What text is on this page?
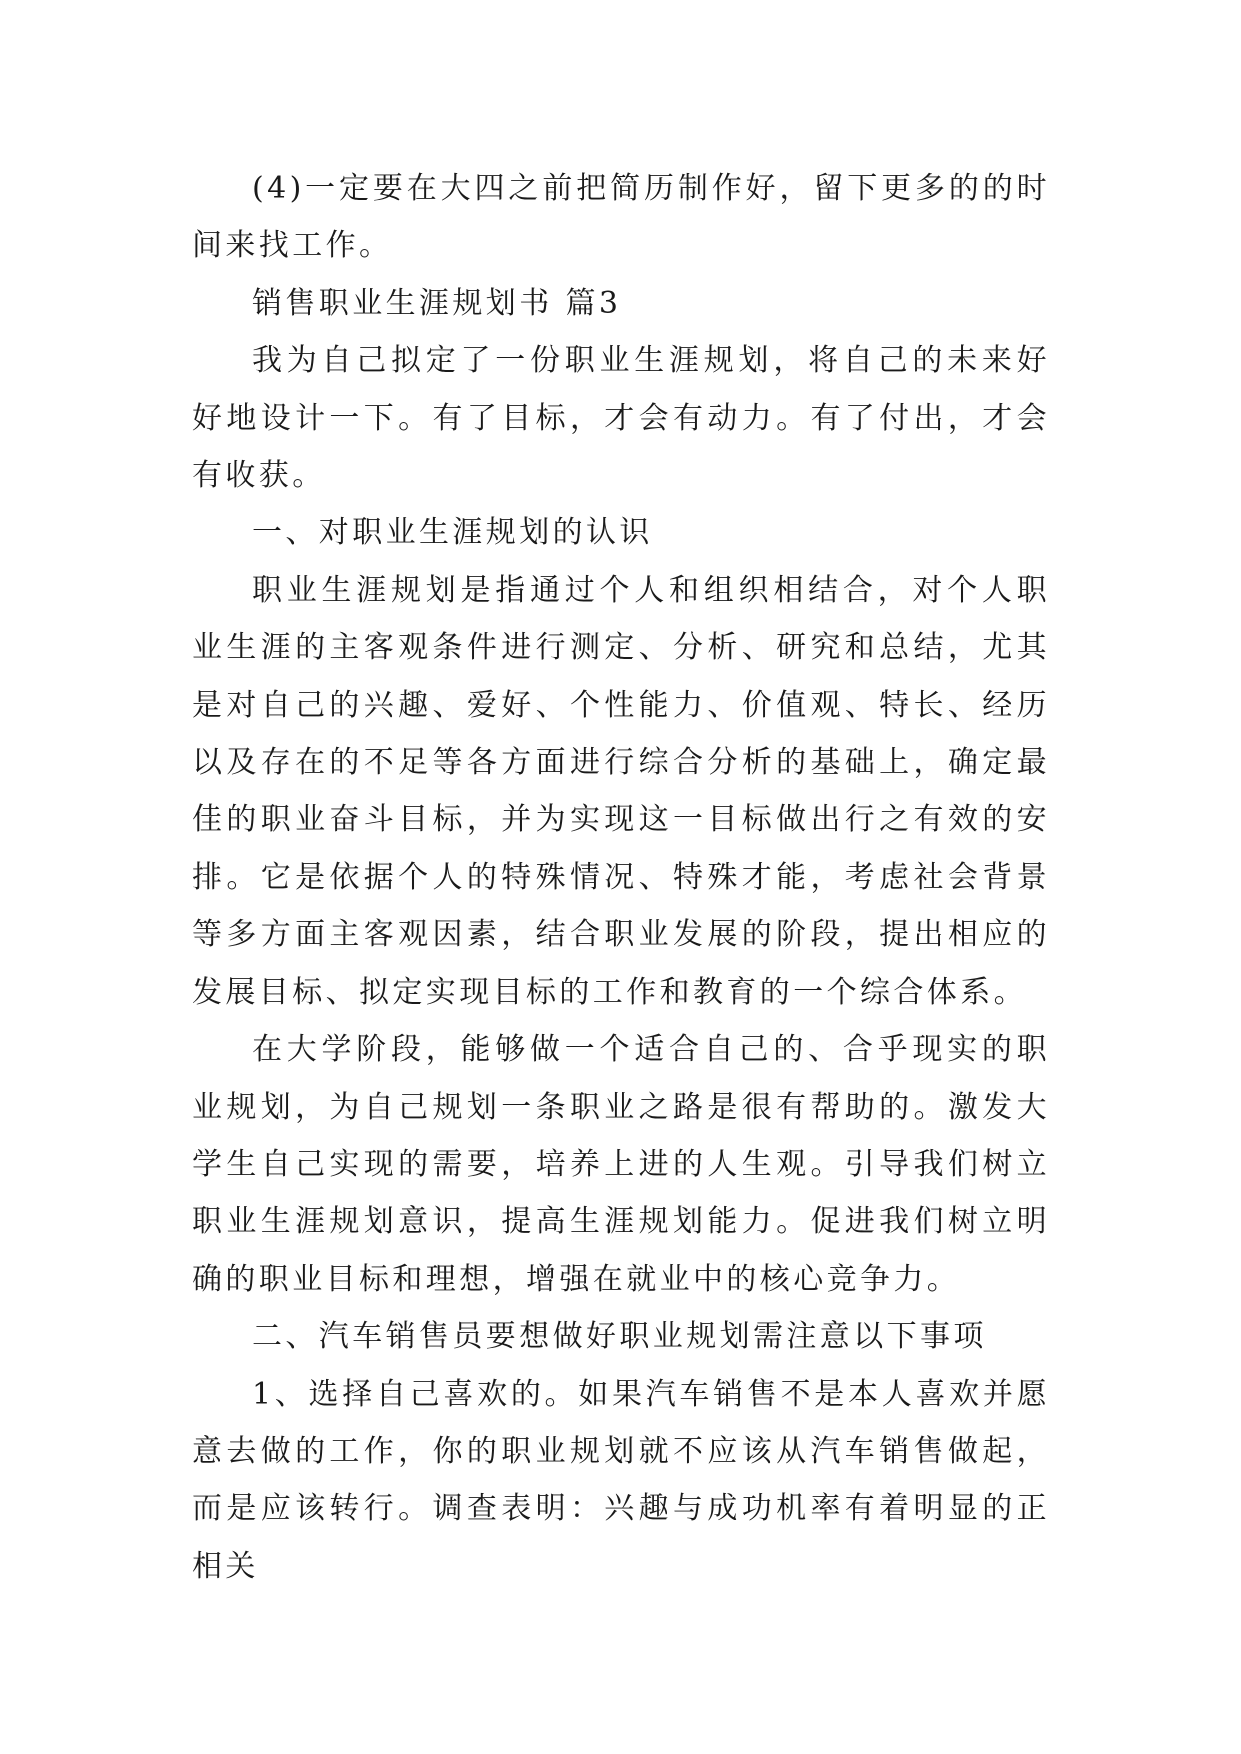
(4)一定要在大四之前把简历制作好，留下更多的的时间来找工作。

销售职业生涯规划书 篇3

我为自己拟定了一份职业生涯规划，将自己的未来好好地设计一下。有了目标，才会有动力。有了付出，才会有收获。

一、对职业生涯规划的认识

职业生涯规划是指通过个人和组织相结合，对个人职业生涯的主客观条件进行测定、分析、研究和总结，尤其是对自己的兴趣、爱好、个性能力、价值观、特长、经历以及存在的不足等各方面进行综合分析的基础上，确定最佳的职业奋斗目标，并为实现这一目标做出行之有效的安排。它是依据个人的特殊情况、特殊才能，考虑社会背景等多方面主客观因素，结合职业发展的阶段，提出相应的发展目标、拟定实现目标的工作和教育的一个综合体系。

在大学阶段，能够做一个适合自己的、合乎现实的职业规划，为自己规划一条职业之路是很有帮助的。激发大学生自己实现的需要，培养上进的人生观。引导我们树立职业生涯规划意识，提高生涯规划能力。促进我们树立明确的职业目标和理想，增强在就业中的核心竞争力。

二、汽车销售员要想做好职业规划需注意以下事项

1、选择自己喜欢的。如果汽车销售不是本人喜欢并愿意去做的工作，你的职业规划就不应该从汽车销售做起，而是应该转行。调查表明：兴趣与成功机率有着明显的正相关
